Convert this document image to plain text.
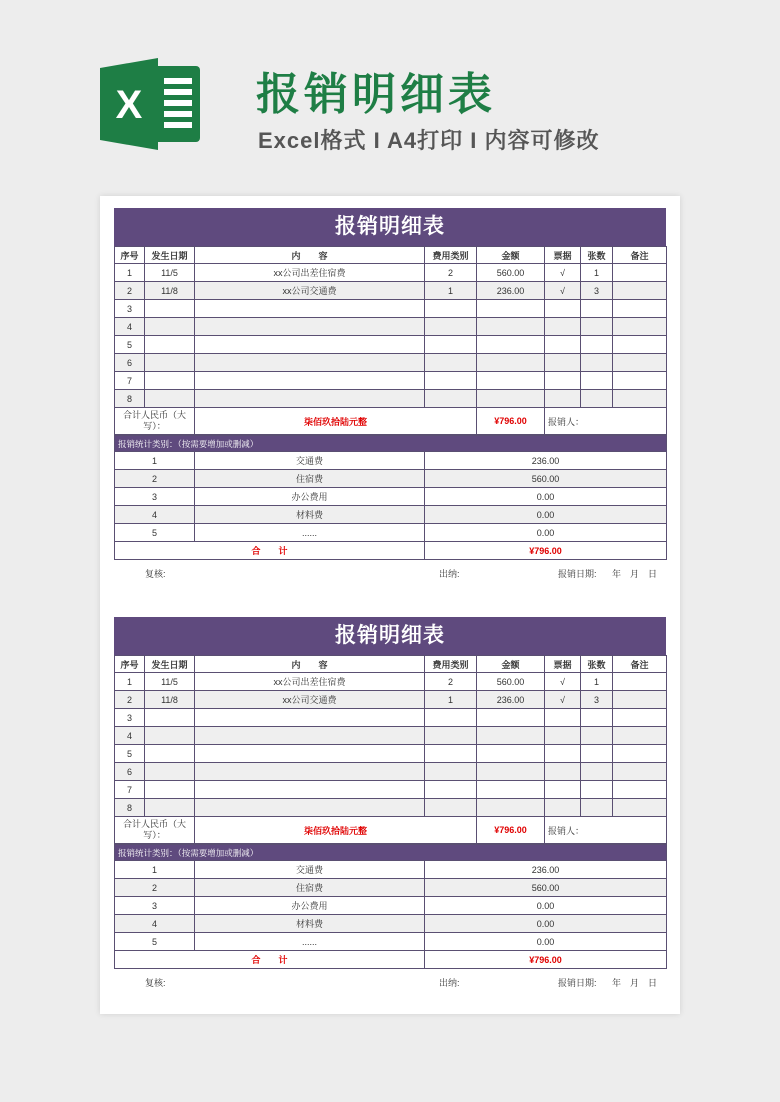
X	报销明细表
Excel格式 I A4打印 I 内容可修改
报销明细表
序号	发生日期	内　　容	费用类别	金额	票据	张数	备注
1	11/5	xx公司出差住宿费	2	560.00	√	1	
2	11/8	xx公司交通费	1	236.00	√	3	
3							
4							
5							
6							
7							
8							
合计人民币（大写）：		柒佰玖拾陆元整		¥796.00	报销人：		
报销统计类别：（按需要增加或删减）		
1	交通费	236.00
2	住宿费	560.00
3	办公费用	0.00
4	材料费	0.00
5	......	0.00
合　　计		¥796.00
复核:	出纳:	报销日期: 年 月 日
报销明细表
序号	发生日期	内　　容	费用类别	金额	票据	张数	备注
1	11/5	xx公司出差住宿费	2	560.00	√	1	
2	11/8	xx公司交通费	1	236.00	√	3	
3							
4							
5							
6							
7							
8							
合计人民币（大写）：		柒佰玖拾陆元整		¥796.00	报销人：		
报销统计类别：（按需要增加或删减）		
1	交通费	236.00
2	住宿费	560.00
3	办公费用	0.00
4	材料费	0.00
5	......	0.00
合　　计		¥796.00
复核:	出纳:	报销日期: 年 月 日
